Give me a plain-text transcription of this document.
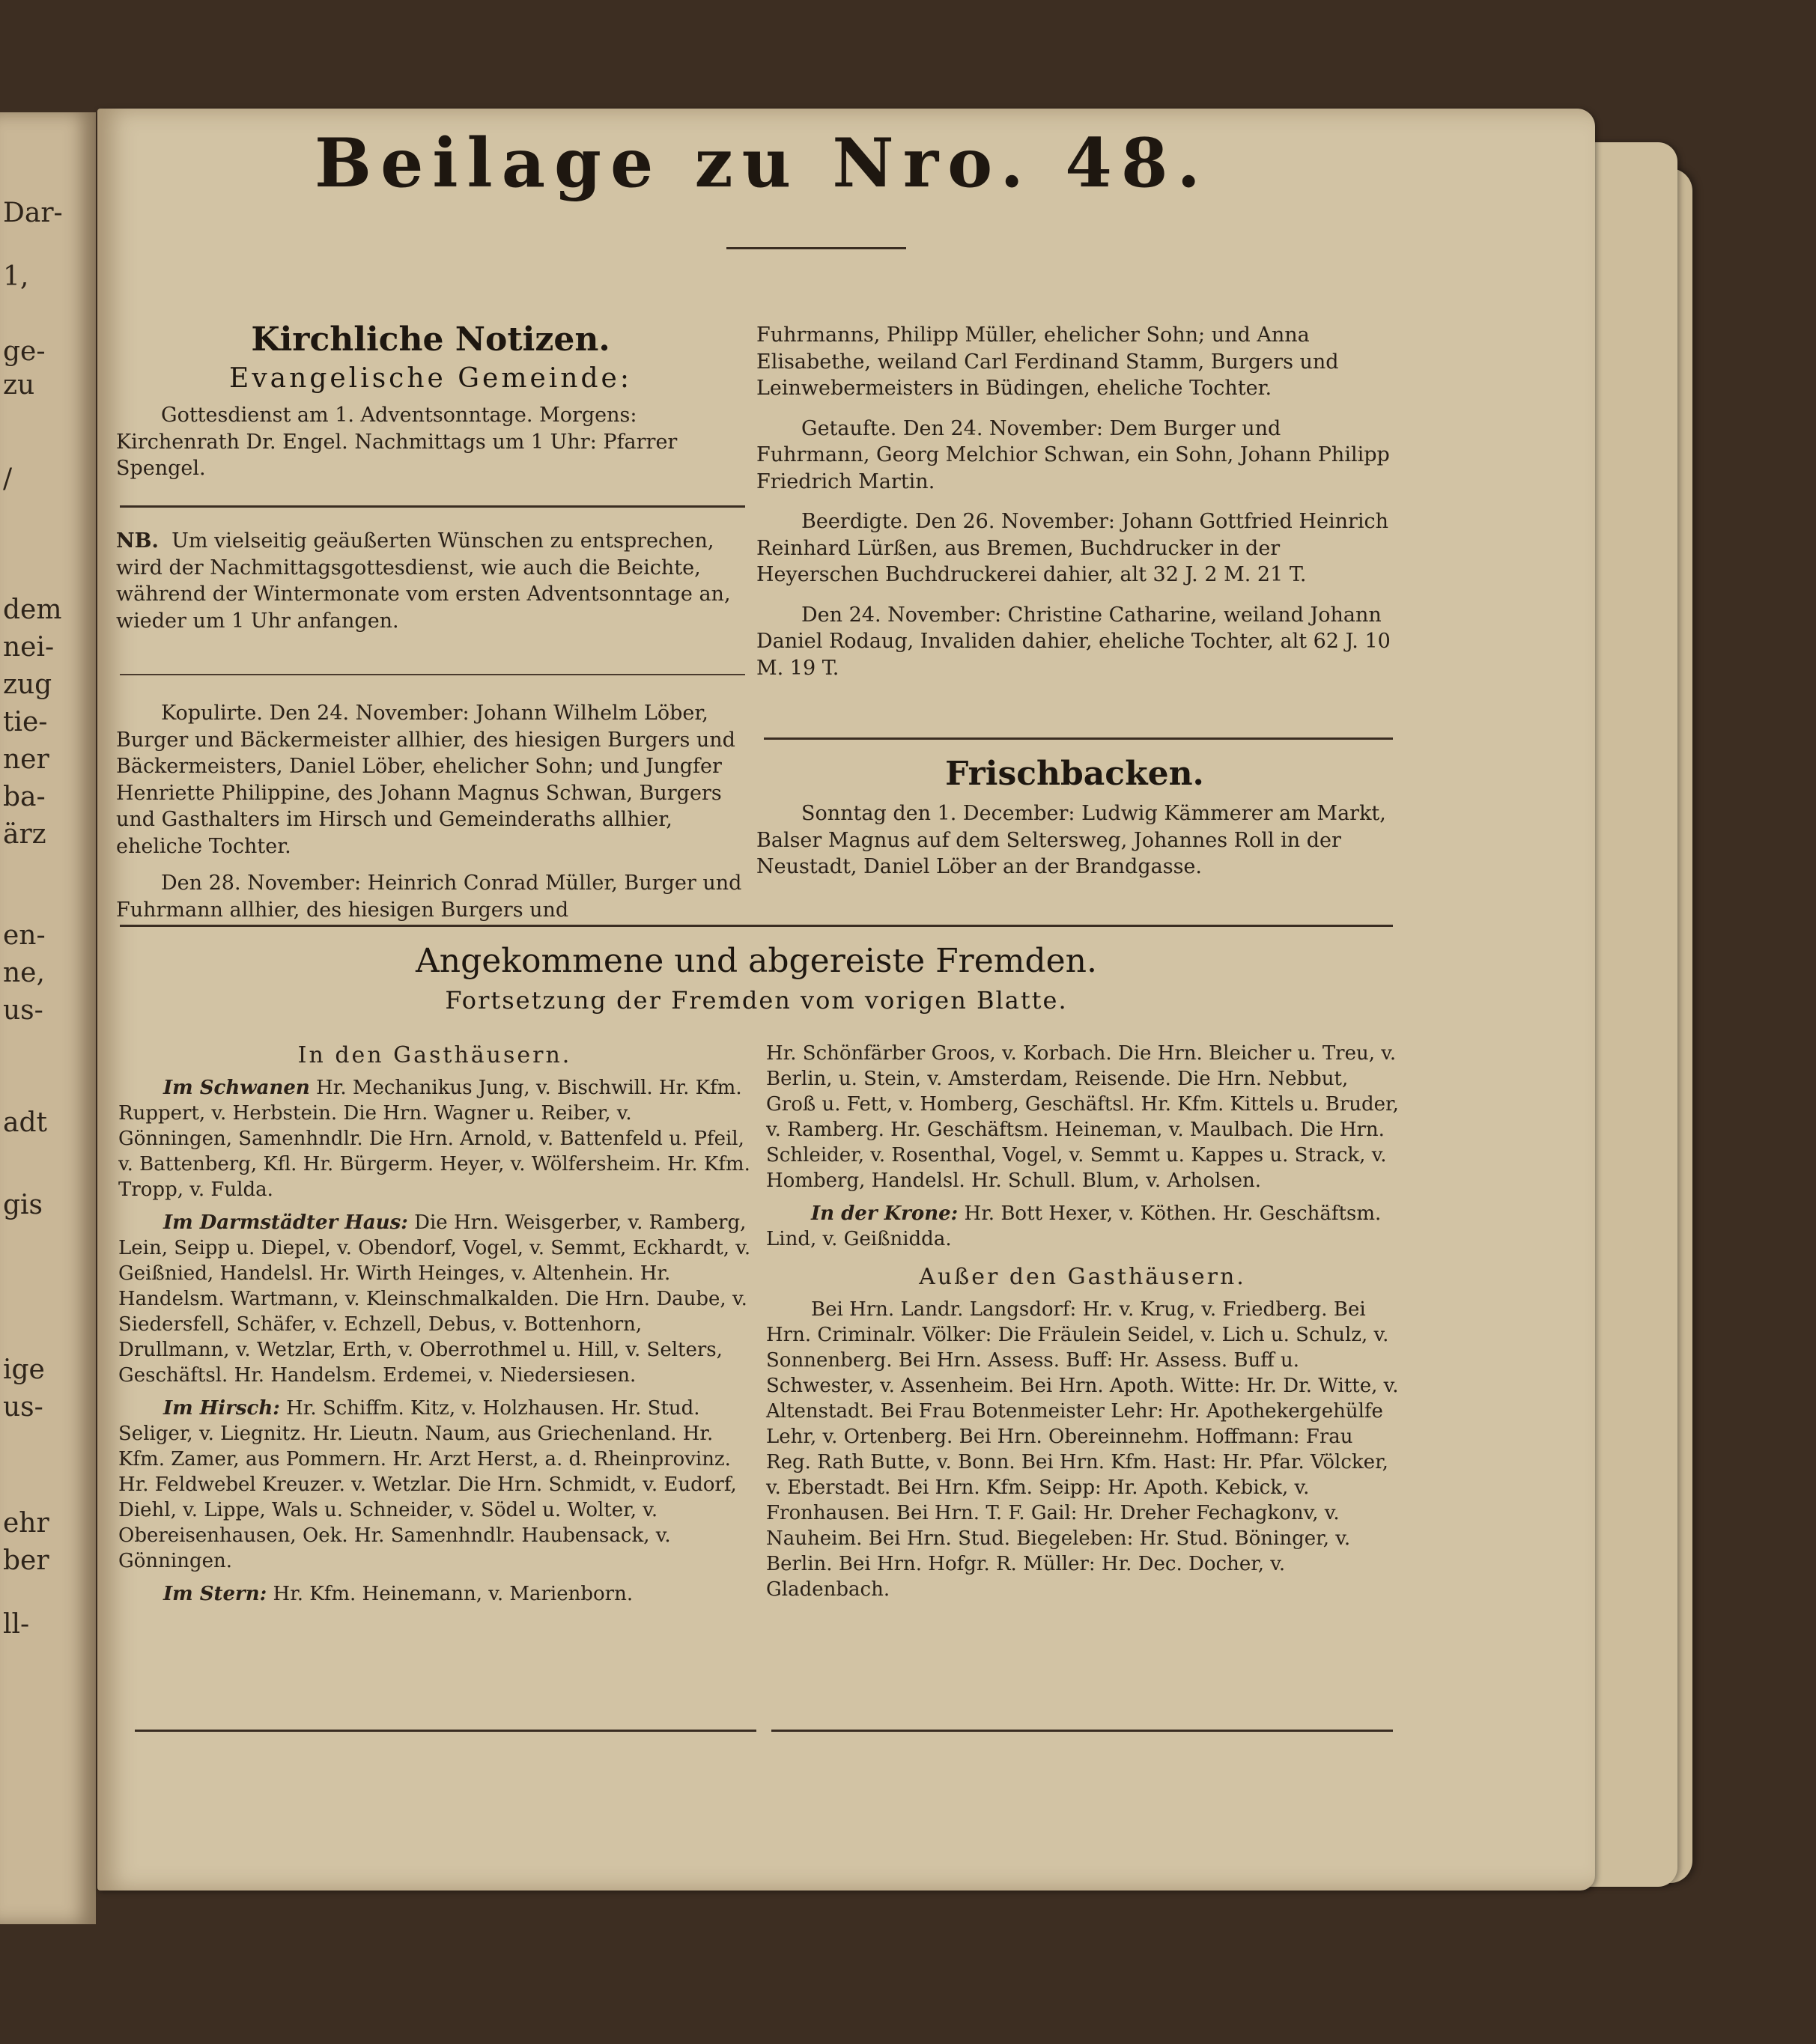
Dar-
1,
ge-
zu
/
dem
nei-
zug
tie-
ner
ba-
ärz
en-
ne,
us-
adt
gis
ige
us-
ehr
ber
ll-
Beilage zu Nro. 48.
Kirchliche Notizen.
Evangelische Gemeinde:

Gottesdienst am 1. Adventsonntage. Morgens: Kirchenrath Dr. Engel. Nachmittags um 1 Uhr: Pfarrer Spengel.

NB. Um vielseitig geäußerten Wünschen zu entsprechen, wird der Nachmittagsgottesdienst, wie auch die Beichte, während der Wintermonate vom ersten Adventsonntage an, wieder um 1 Uhr anfangen.

Kopulirte. Den 24. November: Johann Wilhelm Löber, Burger und Bäckermeister allhier, des hiesigen Burgers und Bäckermeisters, Daniel Löber, ehelicher Sohn; und Jungfer Henriette Philippine, des Johann Magnus Schwan, Burgers und Gasthalters im Hirsch und Gemeinderaths allhier, eheliche Tochter.

Den 28. November: Heinrich Conrad Müller, Burger und Fuhrmann allhier, des hiesigen Burgers und

Fuhrmanns, Philipp Müller, ehelicher Sohn; und Anna Elisabethe, weiland Carl Ferdinand Stamm, Burgers und Leinwebermeisters in Büdingen, eheliche Tochter.

Getaufte. Den 24. November: Dem Burger und Fuhrmann, Georg Melchior Schwan, ein Sohn, Johann Philipp Friedrich Martin.

Beerdigte. Den 26. November: Johann Gottfried Heinrich Reinhard Lürßen, aus Bremen, Buchdrucker in der Heyerschen Buchdruckerei dahier, alt 32 J. 2 M. 21 T.

Den 24. November: Christine Catharine, weiland Johann Daniel Rodaug, Invaliden dahier, eheliche Tochter, alt 62 J. 10 M. 19 T.

Frischbacken.

Sonntag den 1. December: Ludwig Kämmerer am Markt, Balser Magnus auf dem Seltersweg, Johannes Roll in der Neustadt, Daniel Löber an der Brandgasse.

Angekommene und abgereiste Fremden.
Fortsetzung der Fremden vom vorigen Blatte.
In den Gasthäusern.

Im Schwanen Hr. Mechanikus Jung, v. Bischwill. Hr. Kfm. Ruppert, v. Herbstein. Die Hrn. Wagner u. Reiber, v. Gönningen, Samenhndlr. Die Hrn. Arnold, v. Battenfeld u. Pfeil, v. Battenberg, Kfl. Hr. Bürgerm. Heyer, v. Wölfersheim. Hr. Kfm. Tropp, v. Fulda.

Im Darmstädter Haus: Die Hrn. Weisgerber, v. Ramberg, Lein, Seipp u. Diepel, v. Obendorf, Vogel, v. Semmt, Eckhardt, v. Geißnied, Handelsl. Hr. Wirth Heinges, v. Altenhein. Hr. Handelsm. Wartmann, v. Kleinschmalkalden. Die Hrn. Daube, v. Siedersfell, Schäfer, v. Echzell, Debus, v. Bottenhorn, Drullmann, v. Wetzlar, Erth, v. Oberrothmel u. Hill, v. Selters, Geschäftsl. Hr. Handelsm. Erdemei, v. Niedersiesen.

Im Hirsch: Hr. Schiffm. Kitz, v. Holzhausen. Hr. Stud. Seliger, v. Liegnitz. Hr. Lieutn. Naum, aus Griechenland. Hr. Kfm. Zamer, aus Pommern. Hr. Arzt Herst, a. d. Rheinprovinz. Hr. Feldwebel Kreuzer. v. Wetzlar. Die Hrn. Schmidt, v. Eudorf, Diehl, v. Lippe, Wals u. Schneider, v. Södel u. Wolter, v. Obereisenhausen, Oek. Hr. Samenhndlr. Haubensack, v. Gönningen.

Im Stern: Hr. Kfm. Heinemann, v. Marienborn.

Hr. Schönfärber Groos, v. Korbach. Die Hrn. Bleicher u. Treu, v. Berlin, u. Stein, v. Amsterdam, Reisende. Die Hrn. Nebbut, Groß u. Fett, v. Homberg, Geschäftsl. Hr. Kfm. Kittels u. Bruder, v. Ramberg. Hr. Geschäftsm. Heineman, v. Maulbach. Die Hrn. Schleider, v. Rosenthal, Vogel, v. Semmt u. Kappes u. Strack, v. Homberg, Handelsl. Hr. Schull. Blum, v. Arholsen.

In der Krone: Hr. Bott Hexer, v. Köthen. Hr. Geschäftsm. Lind, v. Geißnidda.

Außer den Gasthäusern.

Bei Hrn. Landr. Langsdorf: Hr. v. Krug, v. Friedberg. Bei Hrn. Criminalr. Völker: Die Fräulein Seidel, v. Lich u. Schulz, v. Sonnenberg. Bei Hrn. Assess. Buff: Hr. Assess. Buff u. Schwester, v. Assenheim. Bei Hrn. Apoth. Witte: Hr. Dr. Witte, v. Altenstadt. Bei Frau Botenmeister Lehr: Hr. Apothekergehülfe Lehr, v. Ortenberg. Bei Hrn. Obereinnehm. Hoffmann: Frau Reg. Rath Butte, v. Bonn. Bei Hrn. Kfm. Hast: Hr. Pfar. Völcker, v. Eberstadt. Bei Hrn. Kfm. Seipp: Hr. Apoth. Kebick, v. Fronhausen. Bei Hrn. T. F. Gail: Hr. Dreher Fechagkonv, v. Nauheim. Bei Hrn. Stud. Biegeleben: Hr. Stud. Böninger, v. Berlin. Bei Hrn. Hofgr. R. Müller: Hr. Dec. Docher, v. Gladenbach.
